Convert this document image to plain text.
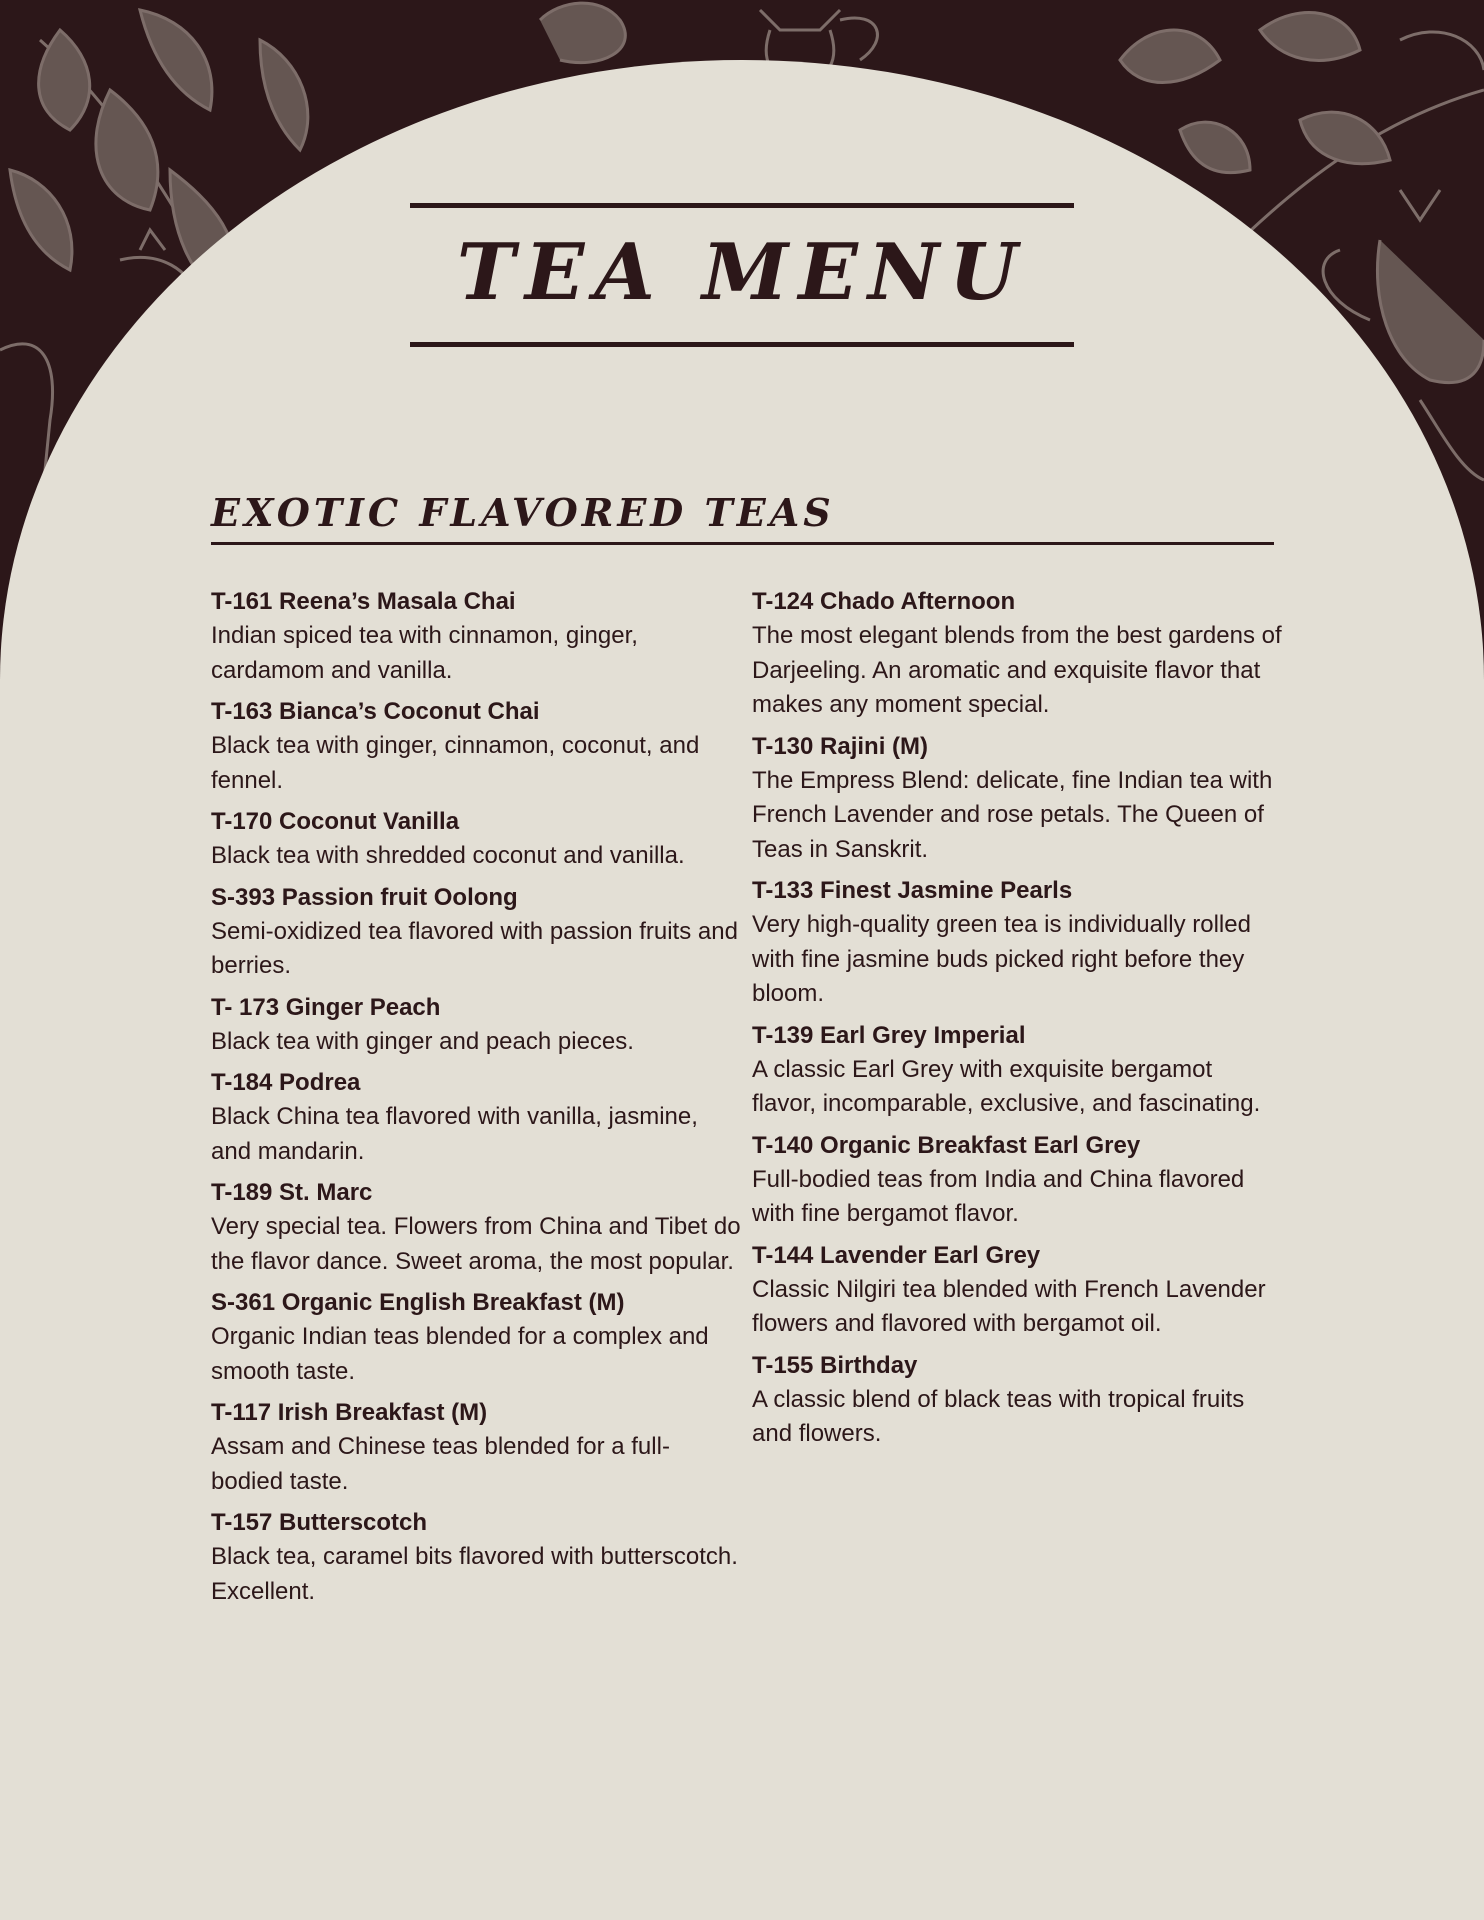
TEA MENU
EXOTIC FLAVORED TEAS
T-161 Reena’s Masala Chai
Indian spiced tea with cinnamon, ginger, cardamom and vanilla.
T-163 Bianca’s Coconut Chai
Black tea with ginger, cinnamon, coconut, and fennel.
T-170 Coconut Vanilla
Black tea with shredded coconut and vanilla.
S-393 Passion fruit Oolong
Semi-oxidized tea flavored with passion fruits and berries.
T- 173 Ginger Peach
Black tea with ginger and peach pieces.
T-184 Podrea
Black China tea flavored with vanilla, jasmine, and mandarin.
T-189 St. Marc
Very special tea. Flowers from China and Tibet do the flavor dance. Sweet aroma, the most popular.
S-361 Organic English Breakfast (M)
Organic Indian teas blended for a complex and smooth taste.
T-117 Irish Breakfast (M)
Assam and Chinese teas blended for a full-bodied taste.
T-157 Butterscotch
Black tea, caramel bits flavored with butterscotch. Excellent.
T-124 Chado Afternoon
The most elegant blends from the best gardens of Darjeeling. An aromatic and exquisite flavor that makes any moment special.
T-130 Rajini (M)
The Empress Blend: delicate, fine Indian tea with French Lavender and rose petals. The Queen of Teas in Sanskrit.
T-133 Finest Jasmine Pearls
Very high-quality green tea is individually rolled with fine jasmine buds picked right before they bloom.
T-139 Earl Grey Imperial
A classic Earl Grey with exquisite bergamot flavor, incomparable, exclusive, and fascinating.
T-140 Organic Breakfast Earl Grey
Full-bodied teas from India and China flavored with fine bergamot flavor.
T-144 Lavender Earl Grey
Classic Nilgiri tea blended with French Lavender flowers and flavored with bergamot oil.
T-155 Birthday
A classic blend of black teas with tropical fruits and flowers.
